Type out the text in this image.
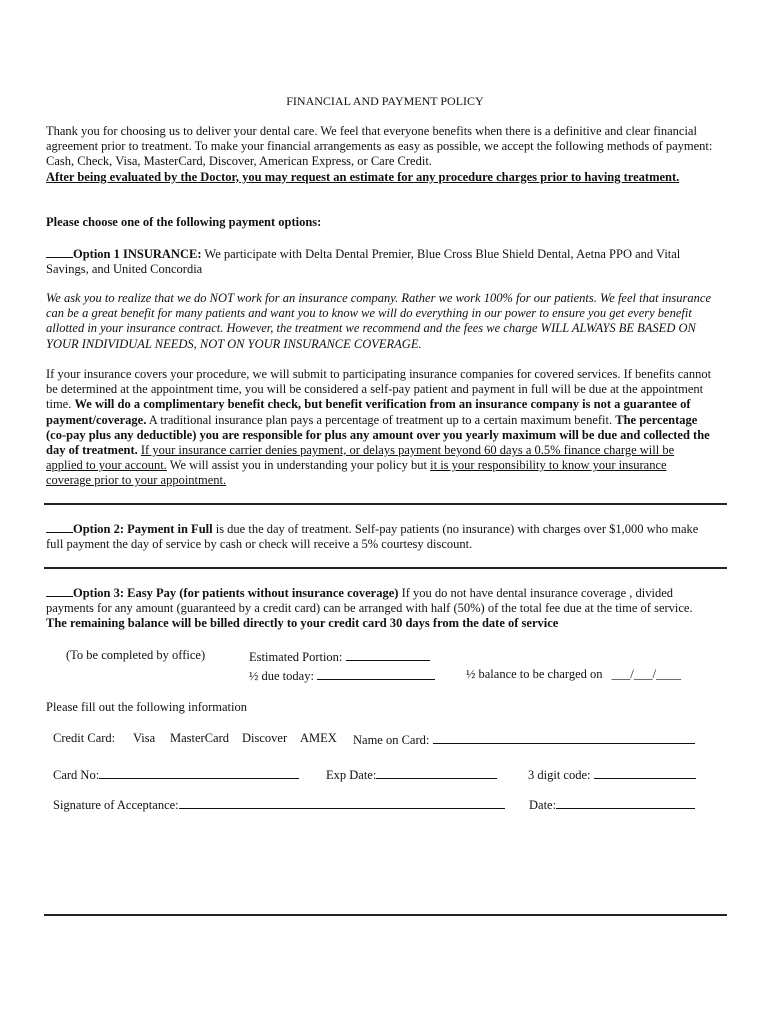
FINANCIAL AND PAYMENT POLICY
Thank you for choosing us to deliver your dental care. We feel that everyone benefits when there is a definitive and clear financial agreement prior to treatment. To make your financial arrangements as easy as possible, we accept the following methods of payment: Cash, Check, Visa, MasterCard, Discover, American Express, or Care Credit.
After being evaluated by the Doctor, you may request an estimate for any procedure charges prior to having treatment.
Please choose one of the following payment options:
Option 1 INSURANCE: We participate with Delta Dental Premier, Blue Cross Blue Shield Dental, Aetna PPO and Vital Savings, and United Concordia
We ask you to realize that we do NOT work for an insurance company. Rather we work 100% for our patients. We feel that insurance can be a great benefit for many patients and want you to know we will do everything in our power to ensure you get every benefit allotted in your insurance contract. However, the treatment we recommend and the fees we charge WILL ALWAYS BE BASED ON YOUR INDIVIDUAL NEEDS, NOT ON YOUR INSURANCE COVERAGE.
If your insurance covers your procedure, we will submit to participating insurance companies for covered services. If benefits cannot be determined at the appointment time, you will be considered a self-pay patient and payment in full will be due at the appointment time. We will do a complimentary benefit check, but benefit verification from an insurance company is not a guarantee of payment/coverage. A traditional insurance plan pays a percentage of treatment up to a certain maximum benefit. The percentage (co-pay plus any deductible) you are responsible for plus any amount over you yearly maximum will be due and collected the day of treatment. If your insurance carrier denies payment, or delays payment beyond 60 days a 0.5% finance charge will be applied to your account. We will assist you in understanding your policy but it is your responsibility to know your insurance coverage prior to your appointment.
Option 2: Payment in Full is due the day of treatment. Self-pay patients (no insurance) with charges over $1,000 who make full payment the day of service by cash or check will receive a 5% courtesy discount.
Option 3: Easy Pay (for patients without insurance coverage) If you do not have dental insurance coverage , divided payments for any amount (guaranteed by a credit card) can be arranged with half (50%) of the total fee due at the time of service. The remaining balance will be billed directly to your credit card 30 days from the date of service
(To be completed by office)	Estimated Portion:
½ due today:	½ balance to be charged on ___/___/____
Please fill out the following information
Credit Card: Visa MasterCard Discover AMEX Name on Card:
Card No:	Exp Date:	3 digit code:
Signature of Acceptance:	Date:
